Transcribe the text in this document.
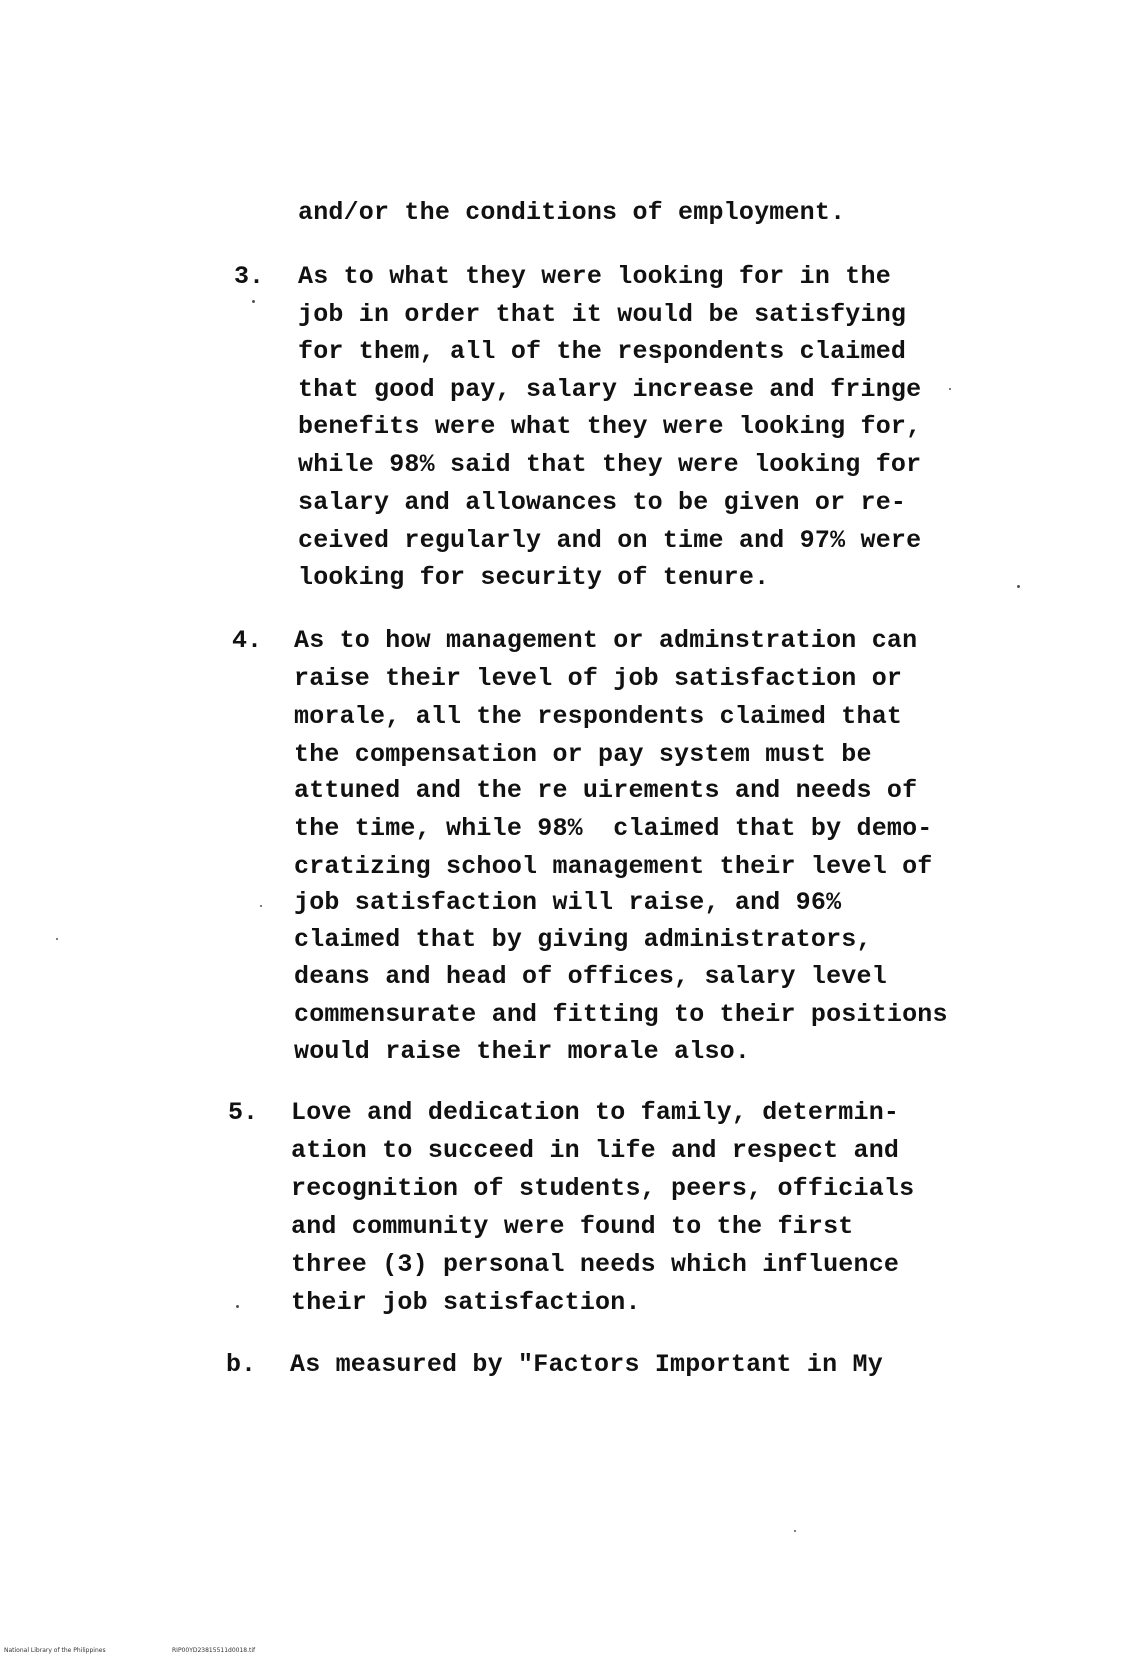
and/or the conditions of employment.
3. As to what they were looking for in the
job in order that it would be satisfying
for them, all of the respondents claimed
that good pay, salary increase and fringe
benefits were what they were looking for,
while 98% said that they were looking for
salary and allowances to be given or re-
ceived regularly and on time and 97% were
looking for security of tenure.
4. As to how management or adminstration can
raise their level of job satisfaction or
morale, all the respondents claimed that
the compensation or pay system must be
attuned and the re uirements and needs of
the time, while 98%  claimed that by demo-
cratizing school management their level of
job satisfaction will raise, and 96%
claimed that by giving administrators,
deans and head of offices, salary level
commensurate and fitting to their positions
would raise their morale also.
5. Love and dedication to family, determin-
ation to succeed in life and respect and
recognition of students, peers, officials
and community were found to the first
three (3) personal needs which influence
their job satisfaction.
b. As measured by "Factors Important in My
National Library of the Philippines	RIP00YD23815511d0018.tif
